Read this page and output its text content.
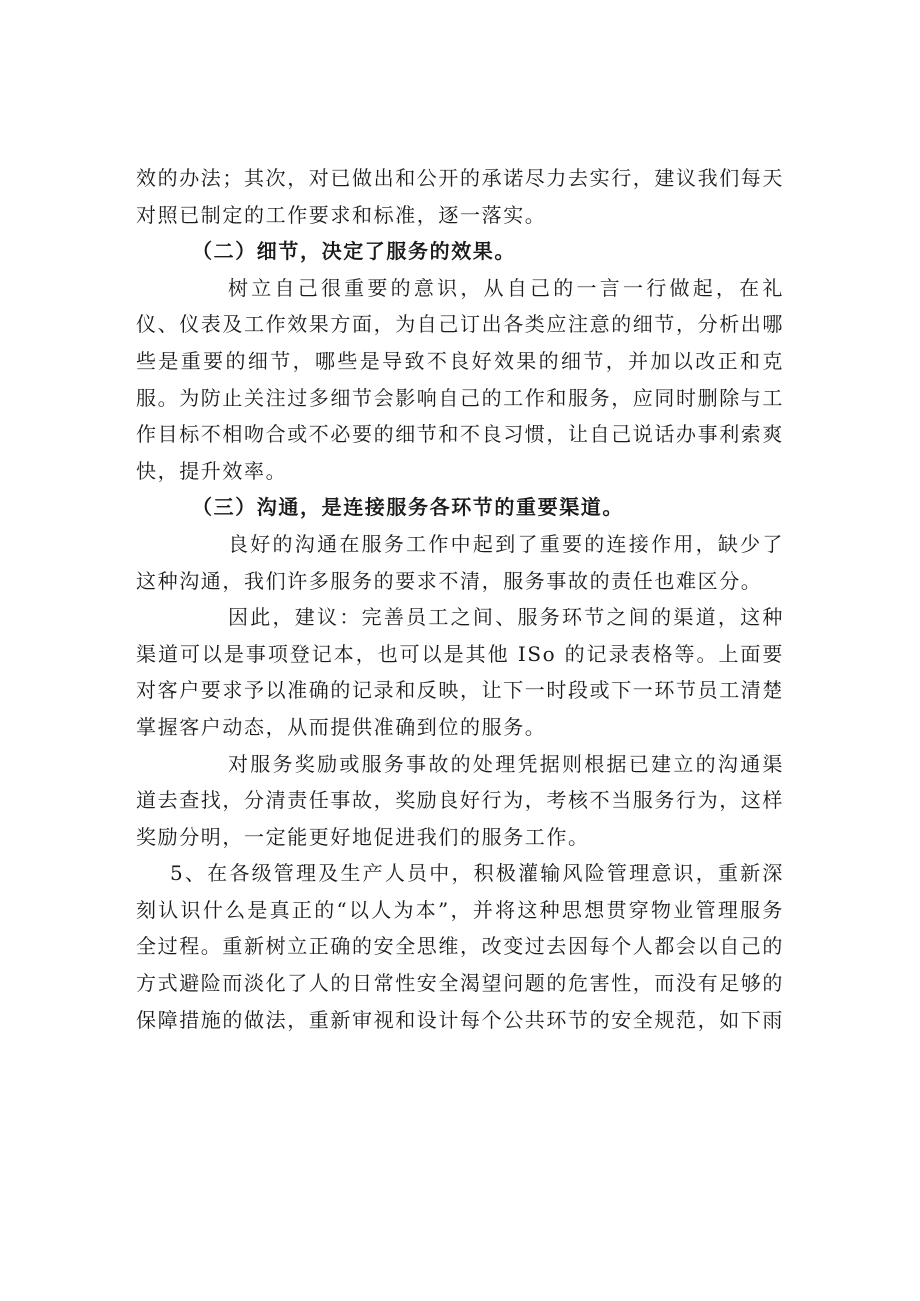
效的办法；其次，对已做出和公开的承诺尽力去实行，建议我们每天对照已制定的工作要求和标准，逐一落实。

（二）细节，决定了服务的效果。

树立自己很重要的意识，从自己的一言一行做起，在礼仪、仪表及工作效果方面，为自己订出各类应注意的细节，分析出哪些是重要的细节，哪些是导致不良好效果的细节，并加以改正和克服。为防止关注过多细节会影响自己的工作和服务，应同时删除与工作目标不相吻合或不必要的细节和不良习惯，让自己说话办事利索爽快，提升效率。

（三）沟通，是连接服务各环节的重要渠道。

良好的沟通在服务工作中起到了重要的连接作用，缺少了这种沟通，我们许多服务的要求不清，服务事故的责任也难区分。

因此，建议：完善员工之间、服务环节之间的渠道，这种渠道可以是事项登记本，也可以是其他 ISo 的记录表格等。上面要对客户要求予以准确的记录和反映，让下一时段或下一环节员工清楚掌握客户动态，从而提供准确到位的服务。

对服务奖励或服务事故的处理凭据则根据已建立的沟通渠道去查找，分清责任事故，奖励良好行为，考核不当服务行为，这样奖励分明，一定能更好地促进我们的服务工作。

5、在各级管理及生产人员中，积极灌输风险管理意识，重新深刻认识什么是真正的“以人为本”，并将这种思想贯穿物业管理服务全过程。重新树立正确的安全思维，改变过去因每个人都会以自己的方式避险而淡化了人的日常性安全渴望问题的危害性，而没有足够的保障措施的做法，重新审视和设计每个公共环节的安全规范，如下雨
